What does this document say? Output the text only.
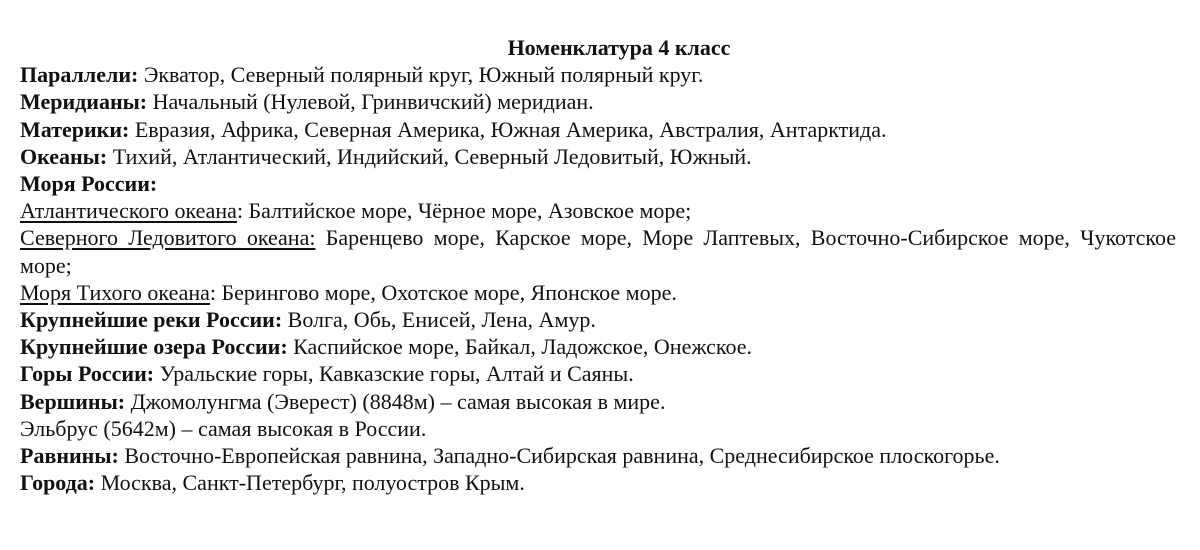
Номенклатура 4 класс

Параллели: Экватор, Северный полярный круг, Южный полярный круг.

Меридианы: Начальный (Нулевой, Гринвичский) меридиан.

Материки: Евразия, Африка, Северная Америка, Южная Америка, Австралия, Антарктида.

Океаны: Тихий, Атлантический, Индийский, Северный Ледовитый, Южный.

Моря России:

Атлантического океана: Балтийское море, Чёрное море, Азовское море;

Северного Ледовитого океана: Баренцево море, Карское море, Море Лаптевых, Восточно-Сибирское море, Чукотское море;

Моря Тихого океана: Берингово море, Охотское море, Японское море.

Крупнейшие реки России: Волга, Обь, Енисей, Лена, Амур.

Крупнейшие озера России: Каспийское море, Байкал, Ладожское, Онежское.

Горы России: Уральские горы, Кавказские горы, Алтай и Саяны.

Вершины: Джомолунгма (Эверест) (8848м) – самая высокая в мире.

Эльбрус (5642м) – самая высокая в России.

Равнины: Восточно-Европейская равнина, Западно-Сибирская равнина, Среднесибирское плоскогорье.

Города: Москва, Санкт-Петербург, полуостров Крым.
